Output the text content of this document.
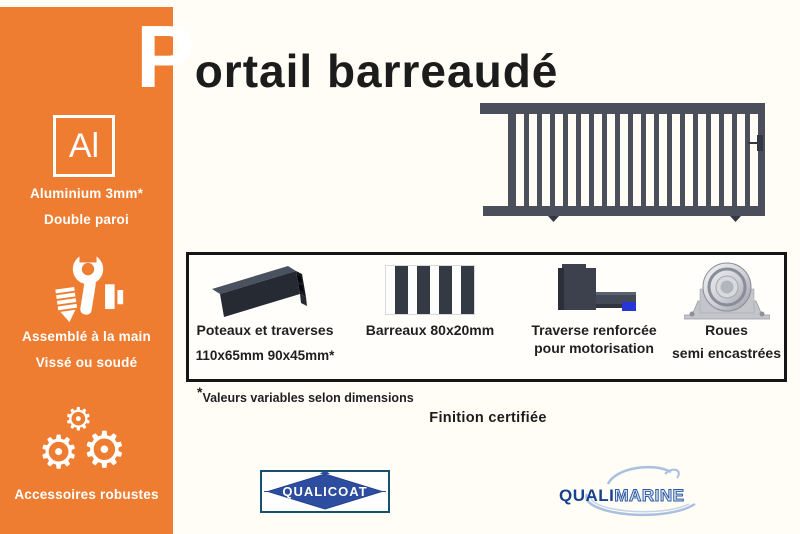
Al
Aluminium 3mm*
Double paroi
Assemblé à la main
Vissé ou soudé
⚙
⚙ ⚙
Accessoires robustes
P ortail barreaudé
Poteaux et traverses
110x65mm 90x45mm*
Barreaux 80x20mm	Traverse renforcée
pour motorisation
Roues
semi encastrées
*Valeurs variables selon dimensions
Finition certifiée
QUALICOAT	QUALIMARINE
